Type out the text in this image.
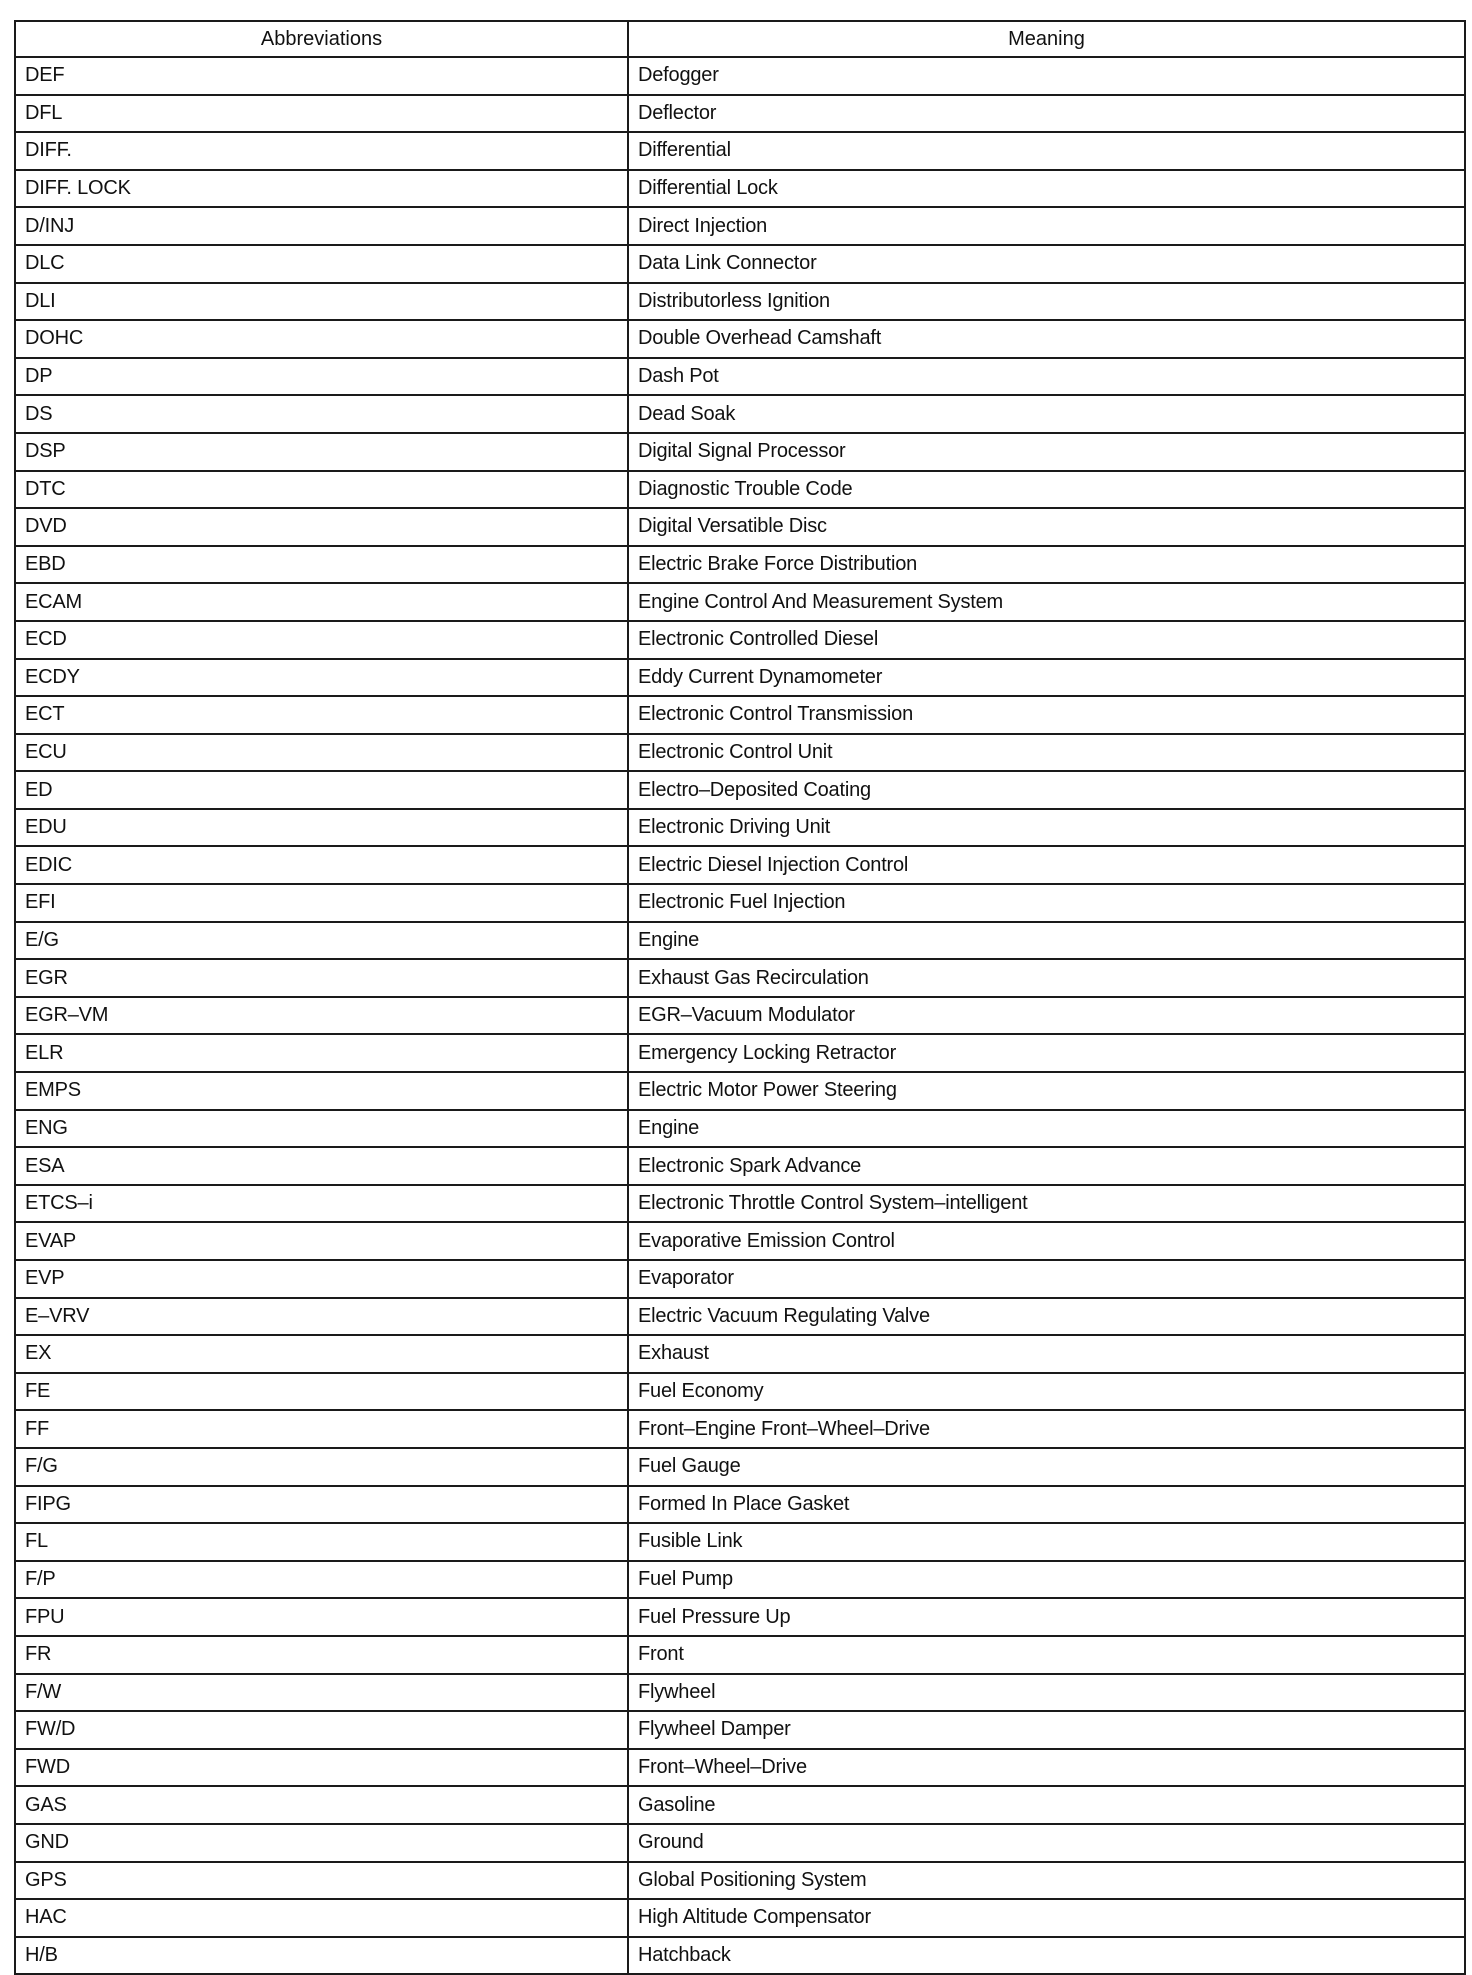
Abbreviations	Meaning
DEF	Defogger
DFL	Deflector
DIFF.	Differential
DIFF. LOCK	Differential Lock
D/INJ	Direct Injection
DLC	Data Link Connector
DLI	Distributorless Ignition
DOHC	Double Overhead Camshaft
DP	Dash Pot
DS	Dead Soak
DSP	Digital Signal Processor
DTC	Diagnostic Trouble Code
DVD	Digital Versatible Disc
EBD	Electric Brake Force Distribution
ECAM	Engine Control And Measurement System
ECD	Electronic Controlled Diesel
ECDY	Eddy Current Dynamometer
ECT	Electronic Control Transmission
ECU	Electronic Control Unit
ED	Electro–Deposited Coating
EDU	Electronic Driving Unit
EDIC	Electric Diesel Injection Control
EFI	Electronic Fuel Injection
E/G	Engine
EGR	Exhaust Gas Recirculation
EGR–VM	EGR–Vacuum Modulator
ELR	Emergency Locking Retractor
EMPS	Electric Motor Power Steering
ENG	Engine
ESA	Electronic Spark Advance
ETCS–i	Electronic Throttle Control System–intelligent
EVAP	Evaporative Emission Control
EVP	Evaporator
E–VRV	Electric Vacuum Regulating Valve
EX	Exhaust
FE	Fuel Economy
FF	Front–Engine Front–Wheel–Drive
F/G	Fuel Gauge
FIPG	Formed In Place Gasket
FL	Fusible Link
F/P	Fuel Pump
FPU	Fuel Pressure Up
FR	Front
F/W	Flywheel
FW/D	Flywheel Damper
FWD	Front–Wheel–Drive
GAS	Gasoline
GND	Ground
GPS	Global Positioning System
HAC	High Altitude Compensator
H/B	Hatchback
